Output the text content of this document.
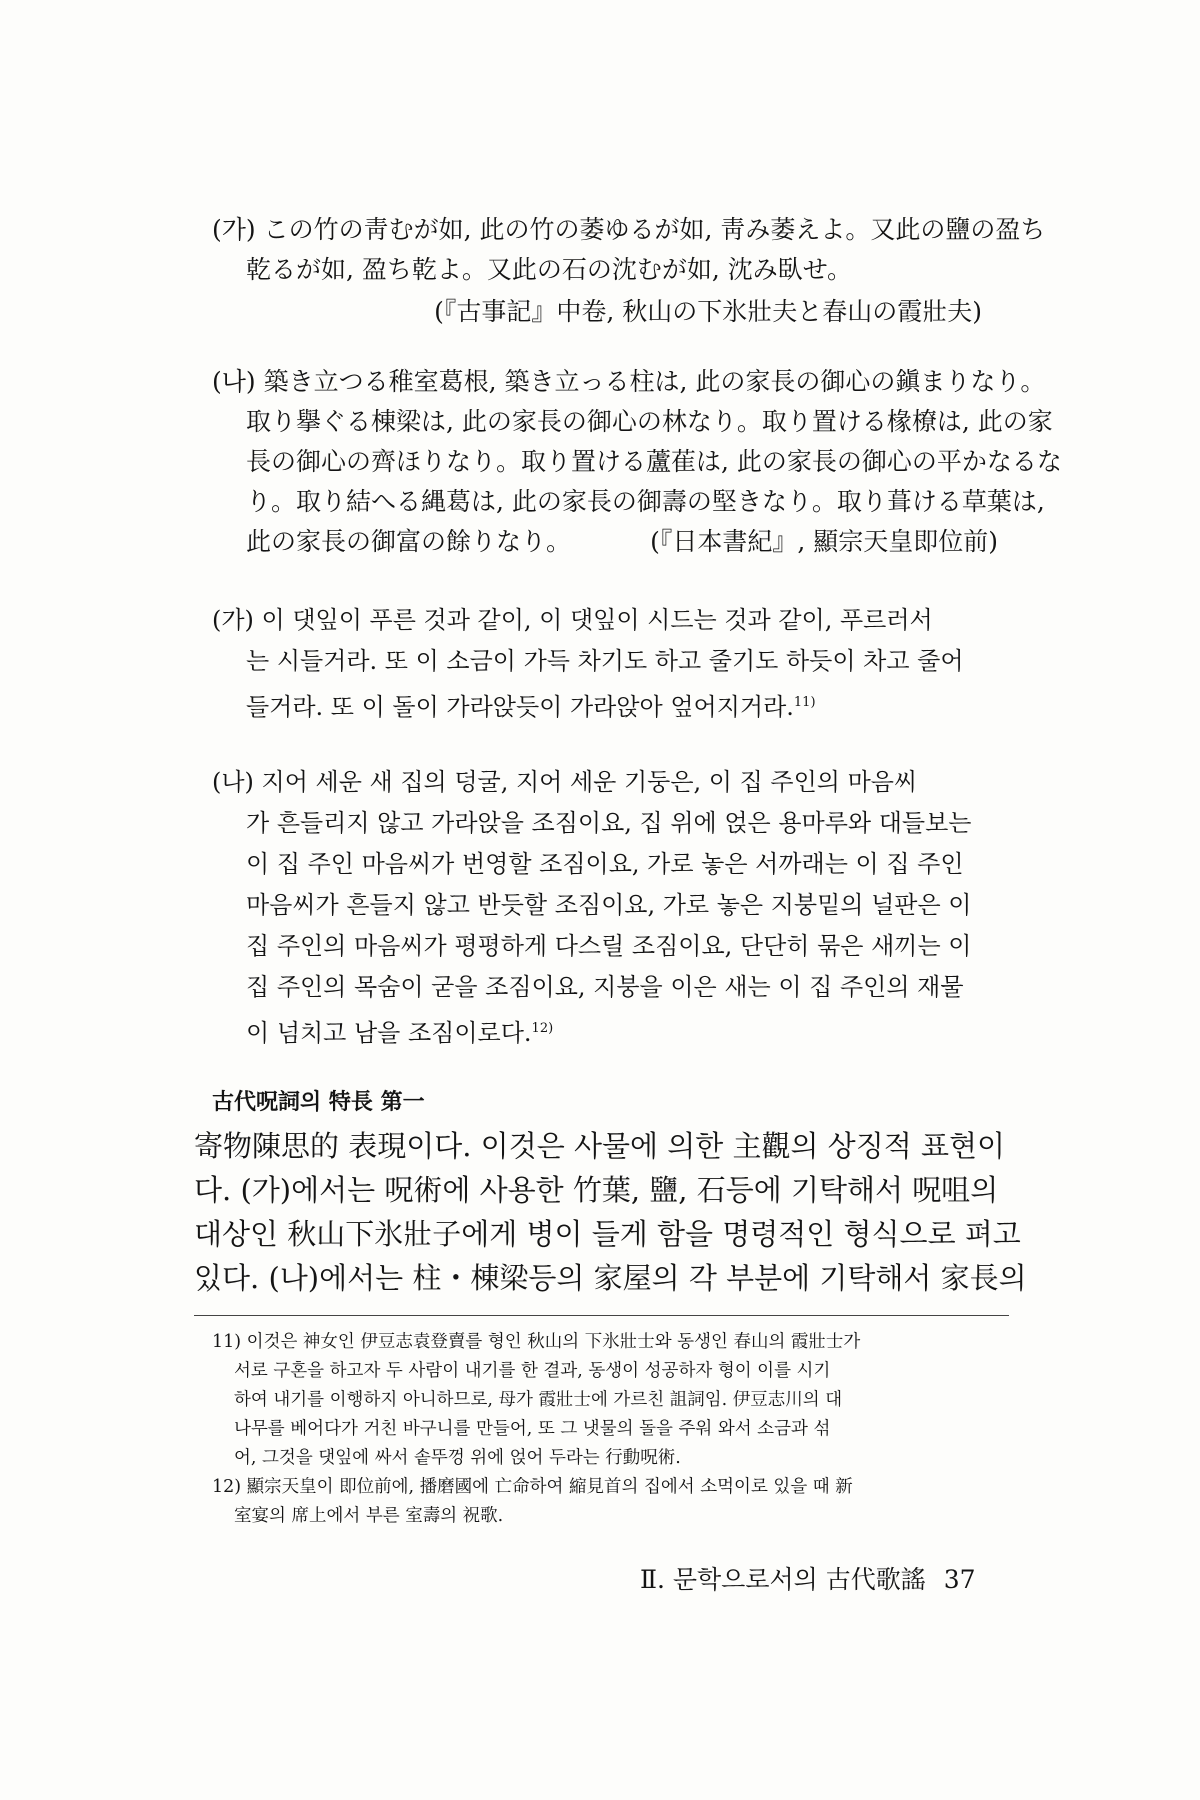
(가) この竹の靑むが如, 此の竹の萎ゆるが如, 靑み萎えよ。又此の鹽の盈ち
乾るが如, 盈ち乾よ。又此の石の沈むが如, 沈み臥せ。
(『古事記』中卷, 秋山の下氷壯夫と春山の霞壯夫)
(나) 築き立つる稚室葛根, 築き立っる柱は, 此の家長の御心の鎭まりなり。
取り擧ぐる棟梁は, 此の家長の御心の林なり。取り置ける椽橑は, 此の家
長の御心の齊ほりなり。取り置ける蘆萑は, 此の家長の御心の平かなるな
り。取り結へる縄葛は, 此の家長の御壽の堅きなり。取り葺ける草葉は,
此の家長の御富の餘りなり。	(『日本書紀』, 顯宗天皇即位前)
(가) 이 댓잎이 푸른 것과 같이, 이 댓잎이 시드는 것과 같이, 푸르러서
는 시들거라. 또 이 소금이 가득 차기도 하고 줄기도 하듯이 차고 줄어
들거라. 또 이 돌이 가라앉듯이 가라앉아 엎어지거라.$^{11)}$
(나) 지어 세운 새 집의 덩굴, 지어 세운 기둥은, 이 집 주인의 마음씨
가 흔들리지 않고 가라앉을 조짐이요, 집 위에 얹은 용마루와 대들보는
이 집 주인 마음씨가 번영할 조짐이요, 가로 놓은 서까래는 이 집 주인
마음씨가 흔들지 않고 반듯할 조짐이요, 가로 놓은 지붕밑의 널판은 이
집 주인의 마음씨가 평평하게 다스릴 조짐이요, 단단히 묶은 새끼는 이
집 주인의 목숨이 굳을 조짐이요, 지붕을 이은 새는 이 집 주인의 재물
이 넘치고 남을 조짐이로다.$^{12)}$
古代呪詞의 特長 第一
寄物陳思的 表現이다. 이것은 사물에 의한 主觀의 상징적 표현이
다. (가)에서는 呪術에 사용한 竹葉, 鹽, 石등에 기탁해서 呪咀의
대상인 秋山下氷壯子에게 병이 들게 함을 명령적인 형식으로 펴고
있다. (나)에서는 柱・棟梁등의 家屋의 각 부분에 기탁해서 家長의
11) 이것은 神女인 伊豆志袁登賣를 형인 秋山의 下氷壯士와 동생인 春山의 霞壯士가
서로 구혼을 하고자 두 사람이 내기를 한 결과, 동생이 성공하자 형이 이를 시기
하여 내기를 이행하지 아니하므로, 母가 霞壯士에 가르친 詛詞임. 伊豆志川의 대
나무를 베어다가 거친 바구니를 만들어, 또 그 냇물의 돌을 주워 와서 소금과 섞
어, 그것을 댓잎에 싸서 솥뚜껑 위에 얹어 두라는 行動呪術.
12) 顯宗天皇이 即位前에, 播磨國에 亡命하여 縮見首의 집에서 소먹이로 있을 때 新
室宴의 席上에서 부른 室壽의 祝歌.
Ⅱ. 문학으로서의 古代歌謠 37
